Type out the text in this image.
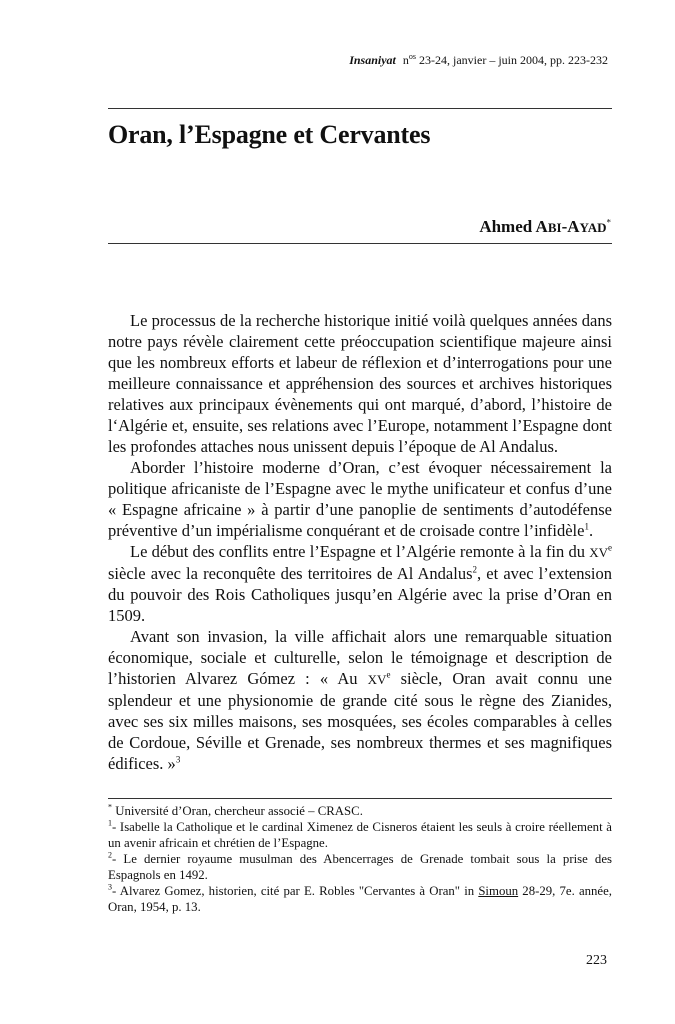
Insaniyat $n^{os}$ 23-24, janvier – juin 2004, pp. 223-232
Oran, l’Espagne et Cervantes
Ahmed ABI-AYAD*

Le processus de la recherche historique initié voilà quelques années dans notre pays révèle clairement cette préoccupation scientifique majeure ainsi que les nombreux efforts et labeur de réflexion et d’interrogations pour une meilleure connaissance et appréhension des sources et archives historiques relatives aux principaux évènements qui ont marqué, d’abord, l’histoire de l‘Algérie et, ensuite, ses relations avec l’Europe, notamment l’Espagne dont les profondes attaches nous unissent depuis l’époque de Al Andalus.

Aborder l’histoire moderne d’Oran, c’est évoquer nécessairement la politique africaniste de l’Espagne avec le mythe unificateur et confus d’une « Espagne africaine » à partir d’une panoplie de sentiments d’autodéfense préventive d’un impérialisme conquérant et de croisade contre l’infidèle$^1$.

Le début des conflits entre l’Espagne et l’Algérie remonte à la fin du XVe siècle avec la reconquête des territoires de Al Andalus$^2$, et avec l’extension du pouvoir des Rois Catholiques jusqu’en Algérie avec la prise d’Oran en 1509.

Avant son invasion, la ville affichait alors une remarquable situation économique, sociale et culturelle, selon le témoignage et description de l’historien Alvarez Gómez : « Au XVe siècle, Oran avait connu une splendeur et une physionomie de grande cité sous le règne des Zianides, avec ses six milles maisons, ses mosquées, ses écoles comparables à celles de Cordoue, Séville et Grenade, ses nombreux thermes et ses magnifiques édifices. »$^3$

* Université d’Oran, chercheur associé – CRASC.

$^1$- Isabelle la Catholique et le cardinal Ximenez de Cisneros étaient les seuls à croire réellement à un avenir africain et chrétien de l’Espagne.

$^2$- Le dernier royaume musulman des Abencerrages de Grenade tombait sous la prise des Espagnols en 1492.

$^3$- Alvarez Gomez, historien, cité par E. Robles "Cervantes à Oran" in Simoun 28-29, 7e. année, Oran, 1954, p. 13.

223
